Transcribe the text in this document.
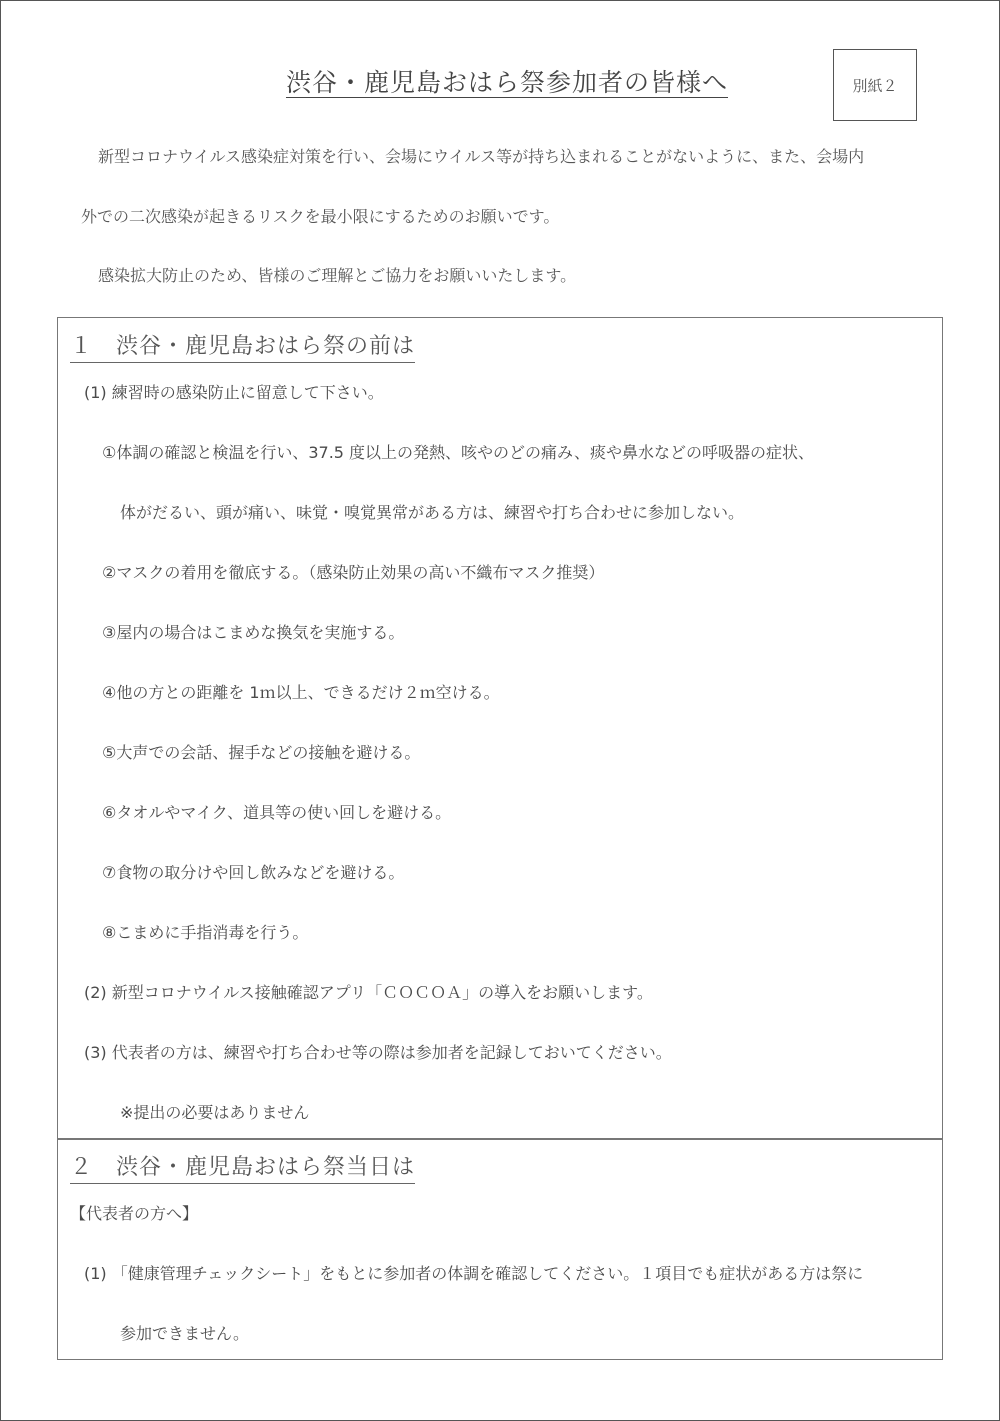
渋谷・鹿児島おはら祭参加者の皆様へ	別紙２
新型コロナウイルス感染症対策を行い、会場にウイルス等が持ち込まれることがないように、また、会場内
外での二次感染が起きるリスクを最小限にするためのお願いです。
感染拡大防止のため、皆様のご理解とご協力をお願いいたします。
１　渋谷・鹿児島おはら祭の前は
(1) 練習時の感染防止に留意して下さい。
①体調の確認と検温を行い、37.5 度以上の発熱、咳やのどの痛み、痰や鼻水などの呼吸器の症状、
体がだるい、頭が痛い、味覚・嗅覚異常がある方は、練習や打ち合わせに参加しない。
②マスクの着用を徹底する。（感染防止効果の高い不織布マスク推奨）
③屋内の場合はこまめな換気を実施する。
④他の方との距離を 1ｍ以上、できるだけ２ｍ空ける。
⑤大声での会話、握手などの接触を避ける。
⑥タオルやマイク、道具等の使い回しを避ける。
⑦食物の取分けや回し飲みなどを避ける。
⑧こまめに手指消毒を行う。
(2) 新型コロナウイルス接触確認アプリ「ＣＯＣＯＡ」の導入をお願いします。
(3) 代表者の方は、練習や打ち合わせ等の際は参加者を記録しておいてください。
※提出の必要はありません
２　渋谷・鹿児島おはら祭当日は
【代表者の方へ】
(1) 「健康管理チェックシート」をもとに参加者の体調を確認してください。１項目でも症状がある方は祭に
参加できません。
